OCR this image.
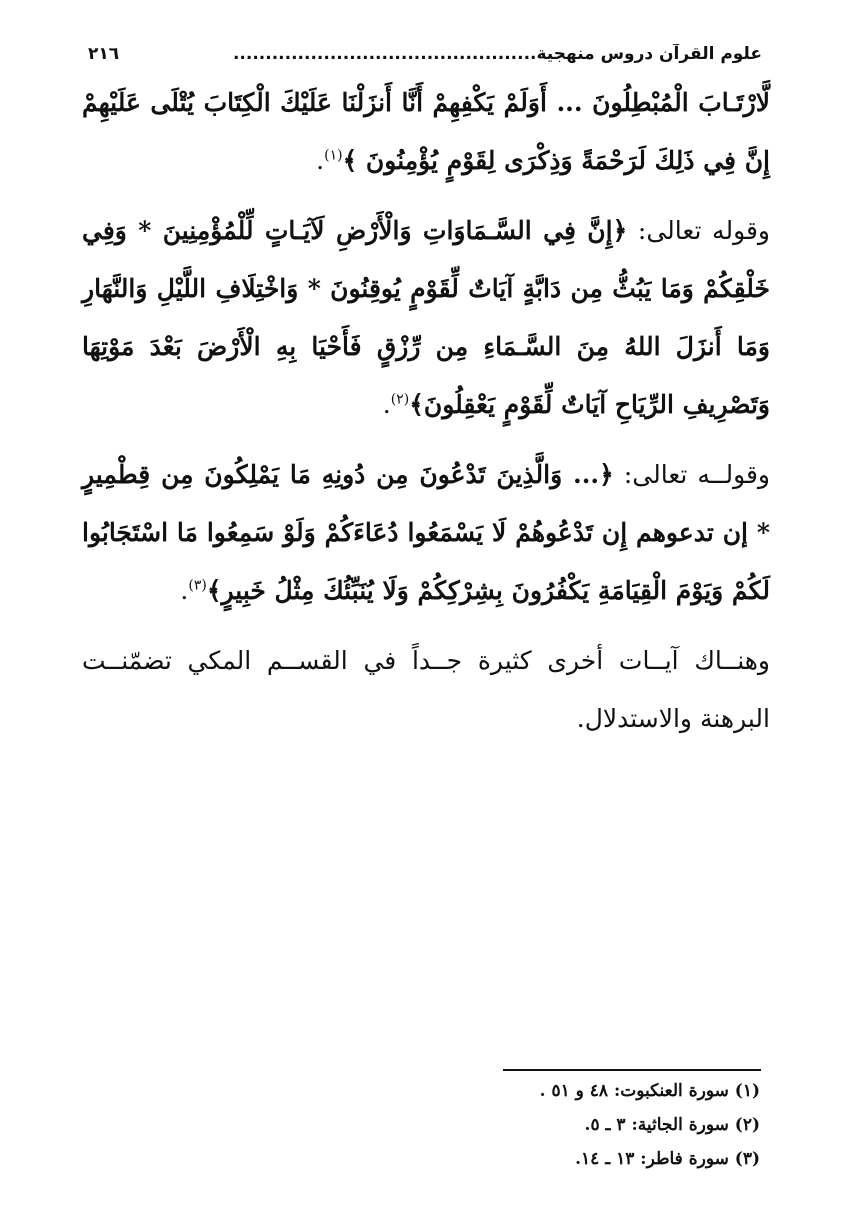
علوم القرآن دروس منهجية...............................................
٢١٦

لَّارْتَـابَ الْمُبْطِلُونَ ... أَوَلَمْ يَكْفِهِمْ أَنَّا أَنزَلْنَا عَلَيْكَ الْكِتَابَ يُتْلَى عَلَيْهِمْ إِنَّ فِي ذَلِكَ لَرَحْمَةً وَذِكْرَى لِقَوْمٍ يُؤْمِنُونَ ﴾$^{(١)}$.

وقوله تعالى: ﴿إِنَّ فِي السَّـمَاوَاتِ وَالْأَرْضِ لَآيَـاتٍ لِّلْمُؤْمِنِينَ * وَفِي خَلْقِكُمْ وَمَا يَبُثُّ مِن دَابَّةٍ آيَاتٌ لِّقَوْمٍ يُوقِنُونَ * وَاخْتِلَافِ اللَّيْلِ وَالنَّهَارِ وَمَا أَنزَلَ اللهُ مِنَ السَّـمَاءِ مِن رِّزْقٍ فَأَحْيَا بِهِ الْأَرْضَ بَعْدَ مَوْتِهَا وَتَصْرِيفِ الرِّيَاحِ آيَاتٌ لِّقَوْمٍ يَعْقِلُونَ﴾$^{(٢)}$.

وقولــه تعالى: ﴿... وَالَّذِينَ تَدْعُونَ مِن دُونِهِ مَا يَمْلِكُونَ مِن قِطْمِيرٍ * إن تدعوهم إِن تَدْعُوهُمْ لَا يَسْمَعُوا دُعَاءَكُمْ وَلَوْ سَمِعُوا مَا اسْتَجَابُوا لَكُمْ وَيَوْمَ الْقِيَامَةِ يَكْفُرُونَ بِشِرْكِكُمْ وَلَا يُنَبِّئُكَ مِثْلُ خَبِيرٍ﴾$^{(٣)}$.

وهنــاك آيــات أخرى كثيرة جــداً في القســم المكي تضمّنــت البرهنة والاستدلال.

(١) سورة العنكبوت: ٤٨ و ٥١ .
(٢) سورة الجاثية: ٣ ـ ٥.
(٣) سورة فاطر: ١٣ ـ ١٤.
